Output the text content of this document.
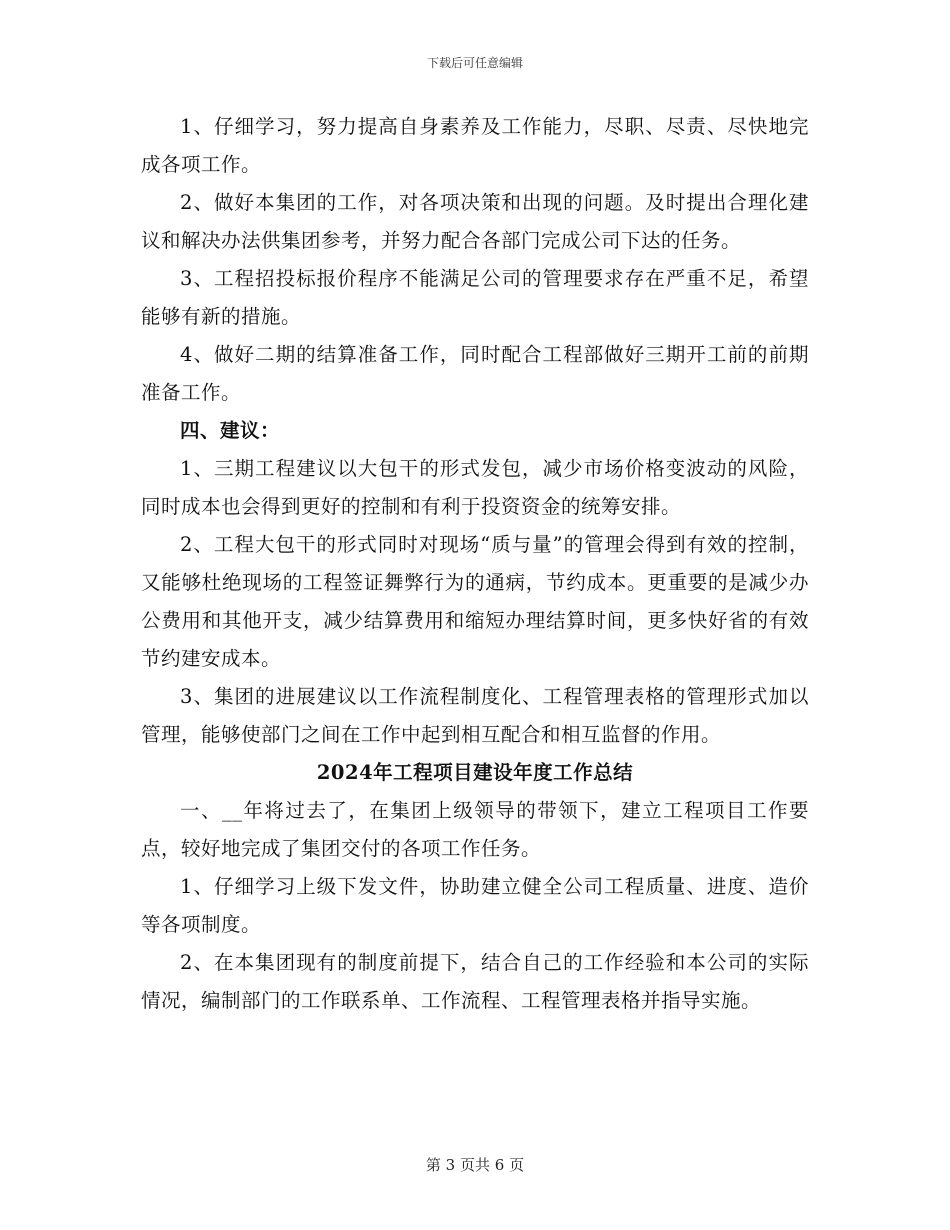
下载后可任意编辑

1、仔细学习，努力提高自身素养及工作能力，尽职、尽责、尽快地完成各项工作。

2、做好本集团的工作，对各项决策和出现的问题。及时提出合理化建议和解决办法供集团参考，并努力配合各部门完成公司下达的任务。

3、工程招投标报价程序不能满足公司的管理要求存在严重不足，希望能够有新的措施。

4、做好二期的结算准备工作，同时配合工程部做好三期开工前的前期准备工作。

四、建议：

1、三期工程建议以大包干的形式发包，减少市场价格变波动的风险，同时成本也会得到更好的控制和有利于投资资金的统筹安排。

2、工程大包干的形式同时对现场“质与量”的管理会得到有效的控制，又能够杜绝现场的工程签证舞弊行为的通病，节约成本。更重要的是减少办公费用和其他开支，减少结算费用和缩短办理结算时间，更多快好省的有效节约建安成本。

3、集团的进展建议以工作流程制度化、工程管理表格的管理形式加以管理，能够使部门之间在工作中起到相互配合和相互监督的作用。

2024年工程项目建设年度工作总结

一、__年将过去了，在集团上级领导的带领下，建立工程项目工作要点，较好地完成了集团交付的各项工作任务。

1、仔细学习上级下发文件，协助建立健全公司工程质量、进度、造价等各项制度。

2、在本集团现有的制度前提下，结合自己的工作经验和本公司的实际情况，编制部门的工作联系单、工作流程、工程管理表格并指导实施。

第 3 页共 6 页
